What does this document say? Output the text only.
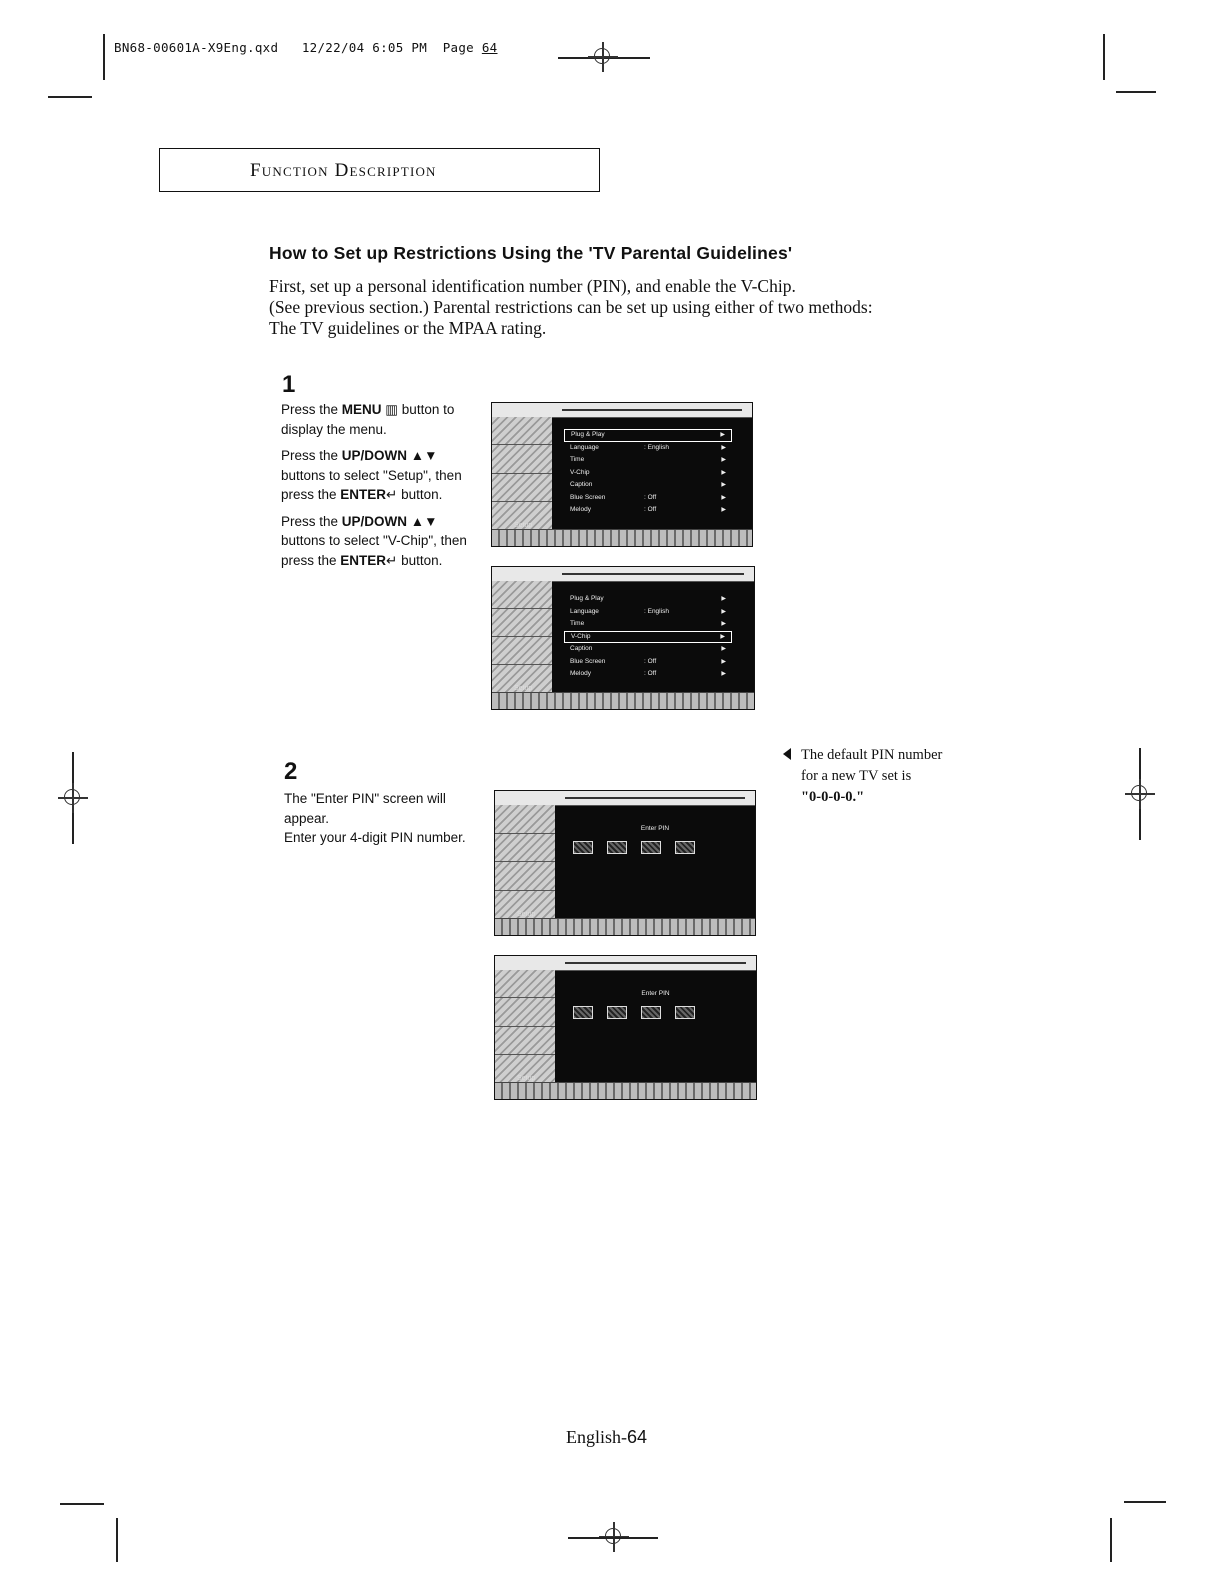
BN68-00601A-X9Eng.qxd 12/22/04 6:05 PM Page 64
Function Description
How to Set up Restrictions Using the 'TV Parental Guidelines'

First, set up a personal identification number (PIN), and enable the V-Chip.

(See previous section.) Parental restrictions can be set up using either of two methods:

The TV guidelines or the MPAA rating.

1

Press the MENU ▥ button to display the menu.

Press the UP/DOWN ▲▼ buttons to select "Setup", then press the ENTER↵ button.

Press the UP/DOWN ▲▼ buttons to select "V-Chip", then press the ENTER↵ button.

Plug & Play	▶
Language	: English	▶
Time	▶
V-Chip	▶
Caption	▶
Blue Screen	: Off	▶
Melody	: Off	▶
Setup
Plug & Play	▶
Language	: English	▶
Time	▶
V-Chip	▶
Caption	▶
Blue Screen	: Off	▶
Melody	: Off	▶
Setup
2

The "Enter PIN" screen will appear.

Enter your 4-digit PIN number.

Enter PIN
Setup
Enter PIN
Setup
The default PIN number
for a new TV set is
"0-0-0-0."
English-64
